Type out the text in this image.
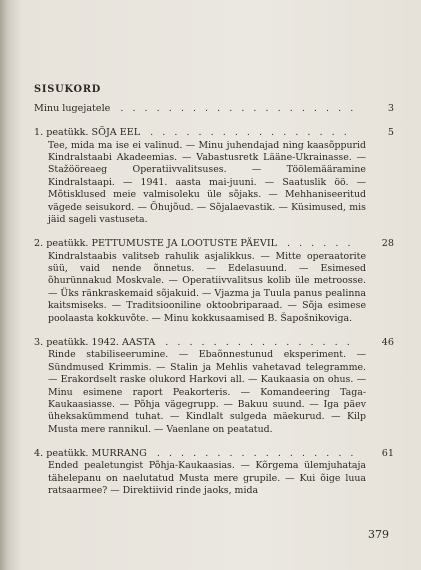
SISUKORD
Minu lugejatele . . .	3
1. peatükk. SÕJA EEL . . .	5
Tee, mida ma ise ei valinud. — Minu juhendajad ning kaasõppurid Kindralstaabi Akadeemias. — Vabastusretk Lääne-Ukrainasse. — Stažööreaeg Operatiivvalitsuses. — Töölemääramine Kindralstaapi. — 1941. aasta mai-juuni. — Saatuslik öö. — Mõtisklused meie valmisoleku üle sõjaks. — Mehhaniseeritud vägede seisukord. — Õhujõud. — Sõjalaevastik. — Küsimused, mis jäid sageli vastuseta.
2. peatükk. PETTUMUSTE JA LOOTUSTE PÄEVIL . . .	28
Kindralstaabis valitseb rahulik asjalikkus. — Mitte operaatorite süü, vaid nende õnnetus. — Edelasuund. — Esimesed õhurünnakud Moskvale. — Operatiivvalitsus kolib üle metroosse. — Üks ränkraskemaid sõjakuid. — Vjazma ja Tuula panus pealinna kaitsmiseks. — Traditsiooniline oktoobriparaad. — Sõja esimese poolaasta kokkuvõte. — Minu kokkusaamised B. Šapošnikoviga.
3. peatükk. 1942. AASTA . . .	46
Rinde stabiliseerumine. — Ebaõnnestunud eksperiment. — Sündmused Krimmis. — Stalin ja Mehlis vahetavad telegramme. — Erakordselt raske olukord Harkovi all. — Kaukaasia on ohus. — Minu esimene raport Peakorteris. — Komandeering Taga-Kaukaasiasse. — Põhja vägegrupp. — Bakuu suund. — Iga päev üheksakümmend tuhat. — Kindlalt sulgeda mäekurud. — Kilp Musta mere rannikul. — Vaenlane on peatatud.
4. peatükk. MURRANG . . .	61
Ended pealetungist Põhja-Kaukaasias. — Kõrgema ülemjuhataja tähelepanu on naelutatud Musta mere grupile. — Kui õige luua ratsaarmee? — Direktiivid rinde jaoks, mida
379
